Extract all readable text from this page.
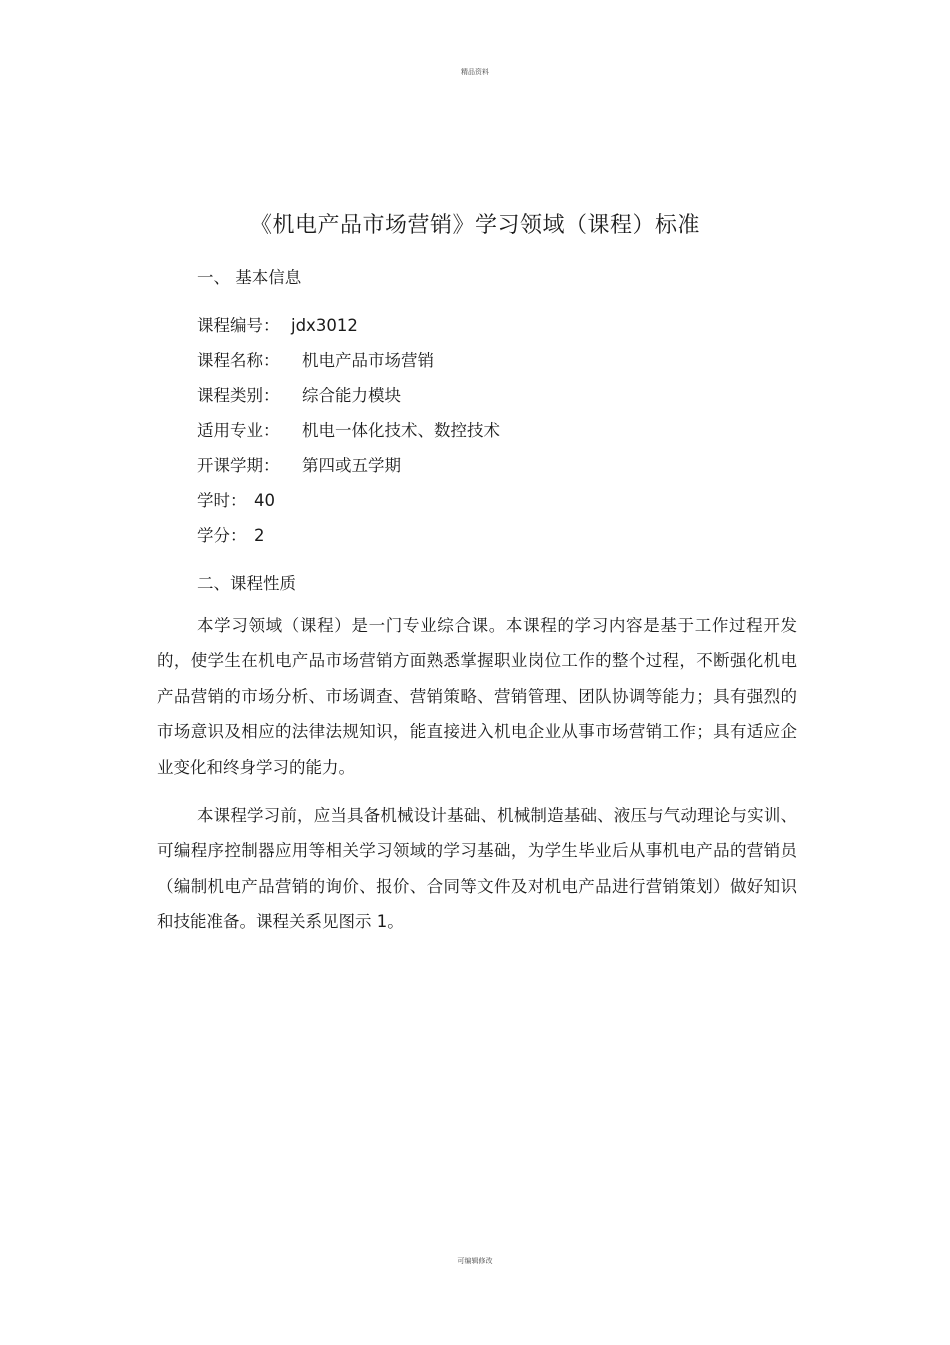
精品资料
《机电产品市场营销》学习领域（课程）标准
一、 基本信息
课程编号： jdx3012
课程名称： 机电产品市场营销
课程类别： 综合能力模块
适用专业： 机电一体化技术、数控技术
开课学期： 第四或五学期
学时： 40
学分： 2
二、课程性质
本学习领域（课程）是一门专业综合课。本课程的学习内容是基于工作过程开发的，使学生在机电产品市场营销方面熟悉掌握职业岗位工作的整个过程，不断强化机电产品营销的市场分析、市场调查、营销策略、营销管理、团队协调等能力；具有强烈的市场意识及相应的法律法规知识，能直接进入机电企业从事市场营销工作；具有适应企业变化和终身学习的能力。
本课程学习前，应当具备机械设计基础、机械制造基础、液压与气动理论与实训、可编程序控制器应用等相关学习领域的学习基础，为学生毕业后从事机电产品的营销员（编制机电产品营销的询价、报价、合同等文件及对机电产品进行营销策划）做好知识和技能准备。课程关系见图示 1。
可编辑修改
